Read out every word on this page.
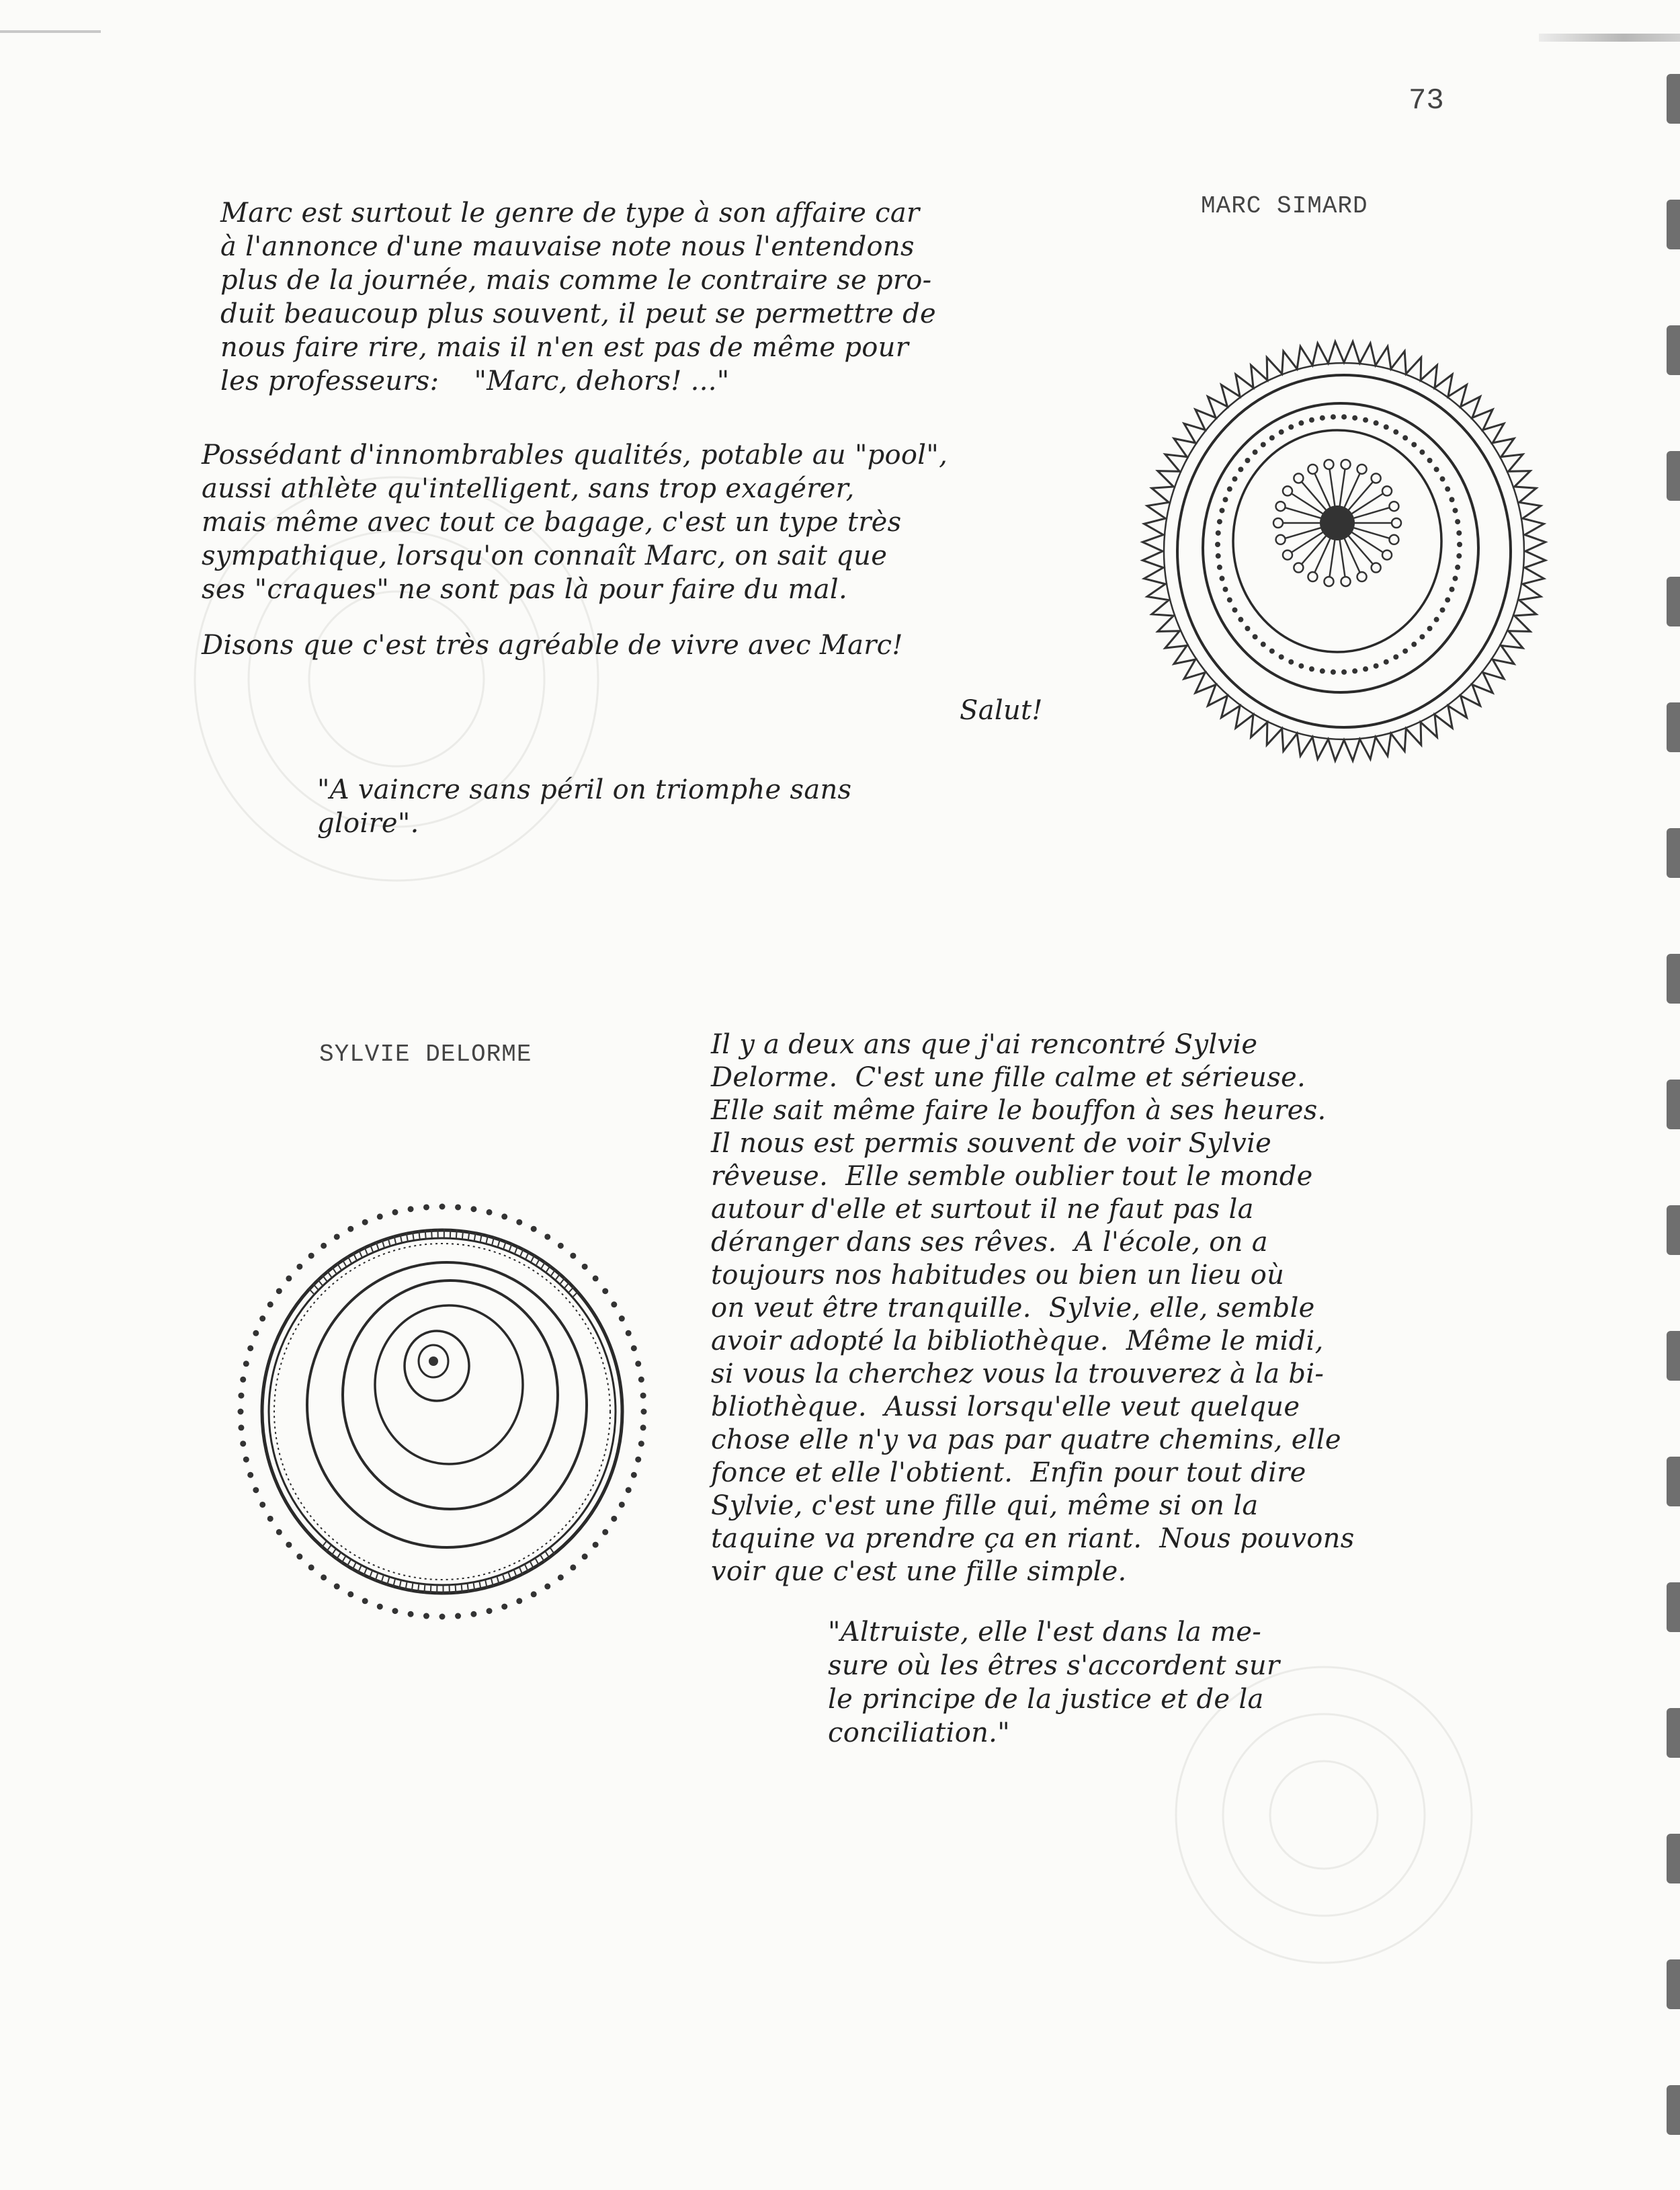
73
MARC SIMARD
Marc est surtout le genre de type à son affaire car
à l'annonce d'une mauvaise note nous l'entendons
plus de la journée, mais comme le contraire se pro-
duit beaucoup plus souvent, il peut se permettre de
nous faire rire, mais il n'en est pas de même pour
les professeurs:    "Marc, dehors! ..."
Possédant d'innombrables qualités, potable au "pool",
aussi athlète qu'intelligent, sans trop exagérer,
mais même avec tout ce bagage, c'est un type très
sympathique, lorsqu'on connaît Marc, on sait que
ses "craques" ne sont pas là pour faire du mal.
Disons que c'est très agréable de vivre avec Marc!
Salut!
"A vaincre sans péril on triomphe sans
gloire".
SYLVIE DELORME	Il y a deux ans que j'ai rencontré Sylvie
Delorme.  C'est une fille calme et sérieuse.
Elle sait même faire le bouffon à ses heures.
Il nous est permis souvent de voir Sylvie
rêveuse.  Elle semble oublier tout le monde
autour d'elle et surtout il ne faut pas la
déranger dans ses rêves.  A l'école, on a
toujours nos habitudes ou bien un lieu où
on veut être tranquille.  Sylvie, elle, semble
avoir adopté la bibliothèque.  Même le midi,
si vous la cherchez vous la trouverez à la bi-
bliothèque.  Aussi lorsqu'elle veut quelque
chose elle n'y va pas par quatre chemins, elle
fonce et elle l'obtient.  Enfin pour tout dire
Sylvie, c'est une fille qui, même si on la
taquine va prendre ça en riant.  Nous pouvons
voir que c'est une fille simple.
"Altruiste, elle l'est dans la me-
sure où les êtres s'accordent sur
le principe de la justice et de la
conciliation."
